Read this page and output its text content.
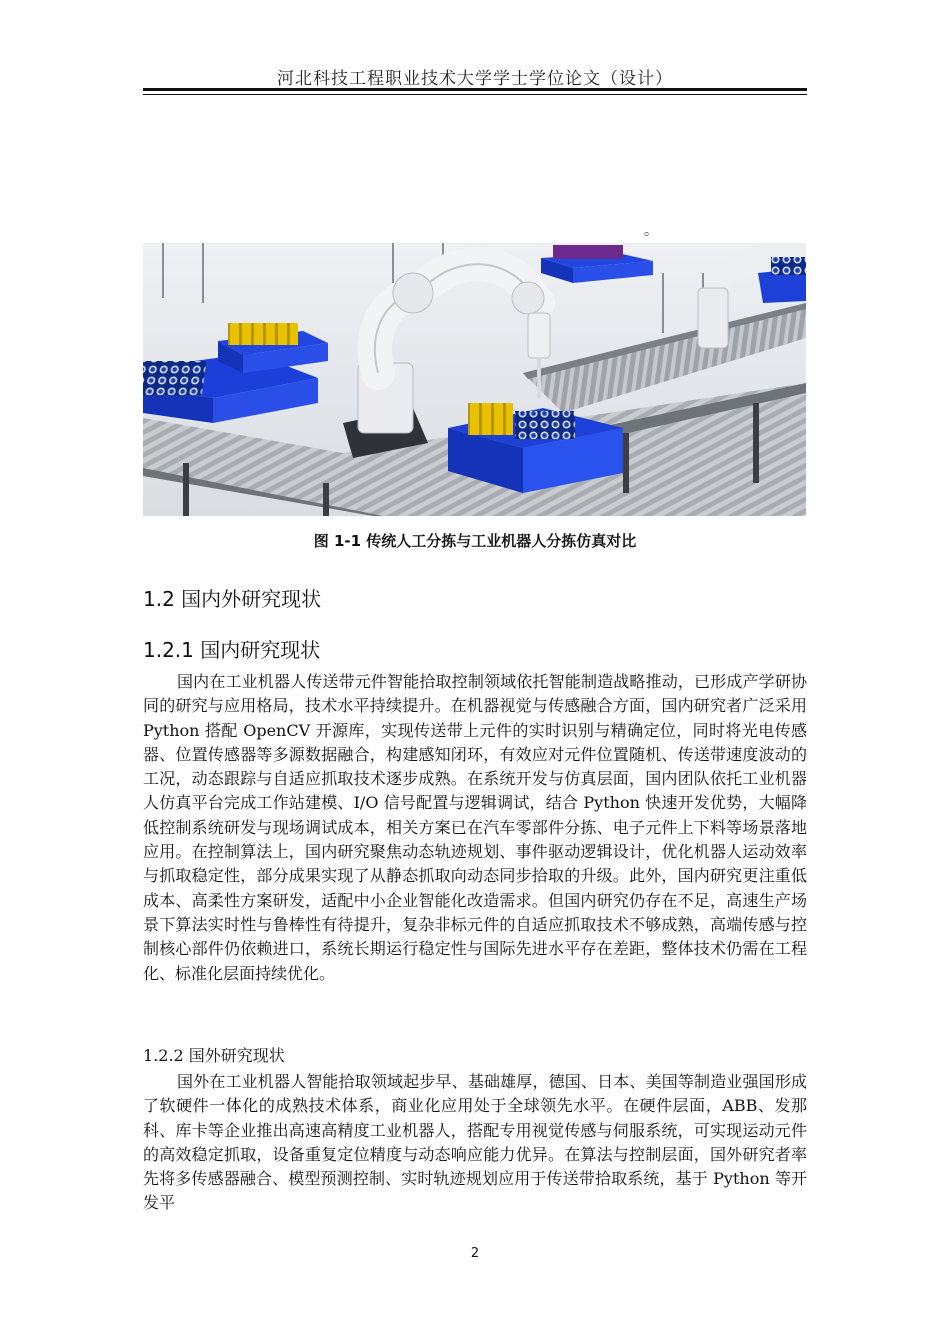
河北科技工程职业技术大学学士学位论文（设计）
。
图 1-1 传统人工分拣与工业机器人分拣仿真对比
1.2 国内外研究现状
1.2.1 国内研究现状

国内在工业机器人传送带元件智能拾取控制领域依托智能制造战略推动，已形成产学研协同的研究与应用格局，技术水平持续提升。在机器视觉与传感融合方面，国内研究者广泛采用 Python 搭配 OpenCV 开源库，实现传送带上元件的实时识别与精确定位，同时将光电传感器、位置传感器等多源数据融合，构建感知闭环，有效应对元件位置随机、传送带速度波动的工况，动态跟踪与自适应抓取技术逐步成熟。在系统开发与仿真层面，国内团队依托工业机器人仿真平台完成工作站建模、I/O 信号配置与逻辑调试，结合 Python 快速开发优势，大幅降低控制系统研发与现场调试成本，相关方案已在汽车零部件分拣、电子元件上下料等场景落地应用。在控制算法上，国内研究聚焦动态轨迹规划、事件驱动逻辑设计，优化机器人运动效率与抓取稳定性，部分成果实现了从静态抓取向动态同步拾取的升级。此外，国内研究更注重低成本、高柔性方案研发，适配中小企业智能化改造需求。但国内研究仍存在不足，高速生产场景下算法实时性与鲁棒性有待提升，复杂非标元件的自适应抓取技术不够成熟，高端传感与控制核心部件仍依赖进口，系统长期运行稳定性与国际先进水平存在差距，整体技术仍需在工程化、标准化层面持续优化。

1.2.2 国外研究现状

国外在工业机器人智能拾取领域起步早、基础雄厚，德国、日本、美国等制造业强国形成了软硬件一体化的成熟技术体系，商业化应用处于全球领先水平。在硬件层面，ABB、发那科、库卡等企业推出高速高精度工业机器人，搭配专用视觉传感与伺服系统，可实现运动元件的高效稳定抓取，设备重复定位精度与动态响应能力优异。在算法与控制层面，国外研究者率先将多传感器融合、模型预测控制、实时轨迹规划应用于传送带拾取系统，基于 Python 等开发平

2
